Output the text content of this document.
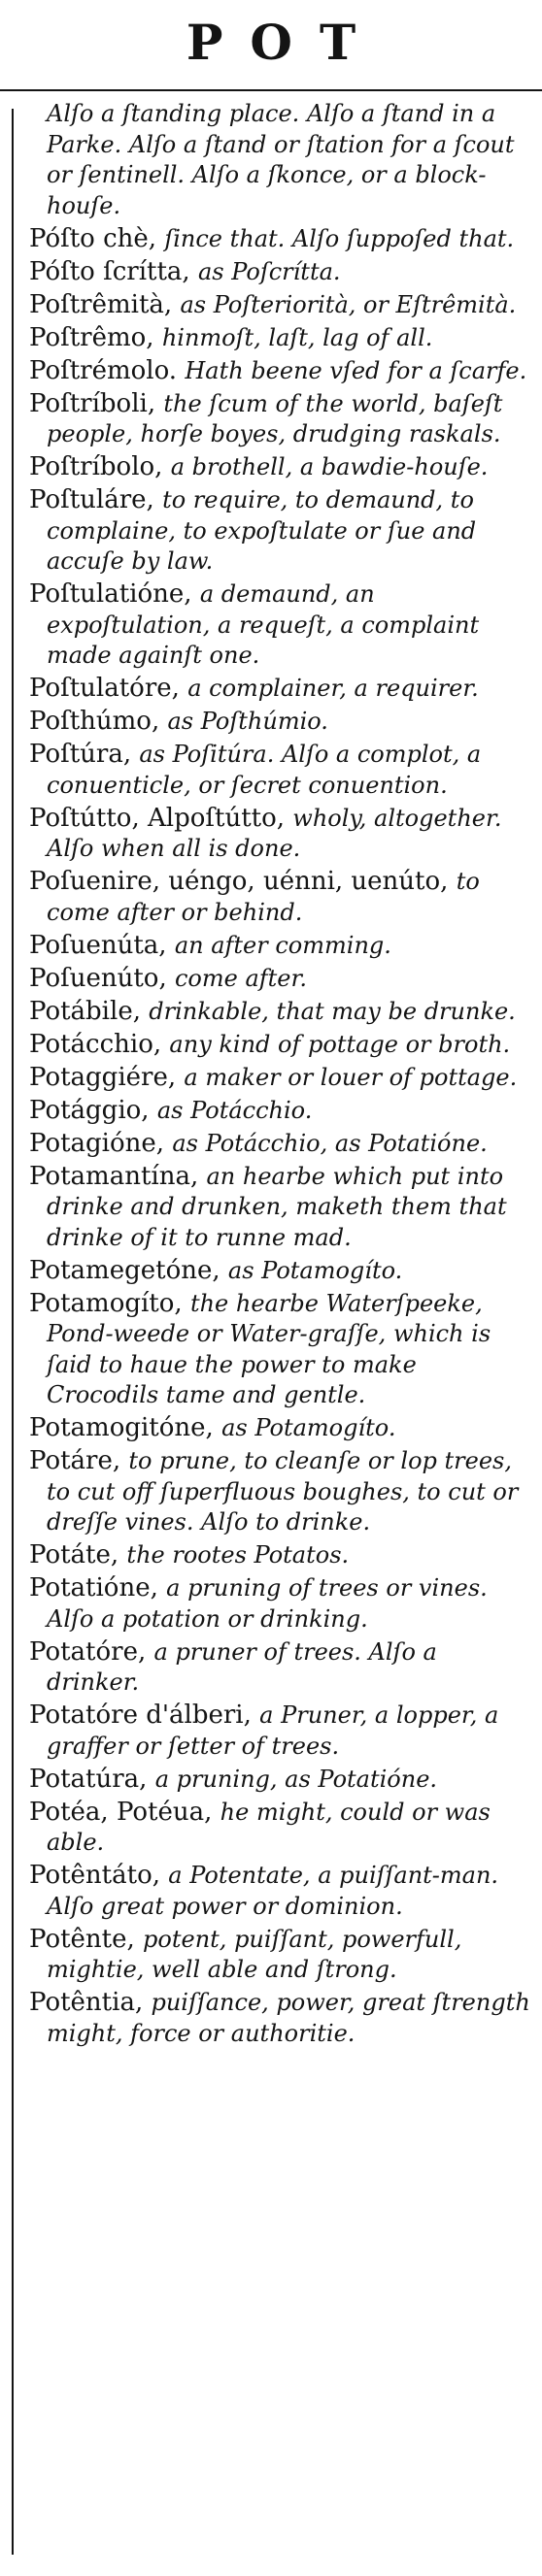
POT

Alſo a ſtanding place. Alſo a ſtand in a Parke. Alſo a ſtand or ſtation for a ſcout or ſentinell. Alſo a ſkonce, or a block-houſe.

Póſto chè, ſince that. Alſo ſuppoſed that.

Póſto ſcrítta, as Poſcrítta.

Poſtrêmità, as Poſteriorità, or Eſtrêmità.

Poſtrêmo, hinmoſt, laſt, lag of all.

Poſtrémolo. Hath beene vſed for a ſcarfe.

Poſtríboli, the ſcum of the world, baſeſt people, horſe boyes, drudging raskals.

Poſtríbolo, a brothell, a bawdie-houſe.

Poſtuláre, to require, to demaund, to complaine, to expoſtulate or ſue and accuſe by law.

Poſtulatióne, a demaund, an expoſtulation, a requeſt, a complaint made againſt one.

Poſtulatóre, a complainer, a requirer.

Poſthúmo, as Poſthúmio.

Poſtúra, as Poſitúra. Alſo a complot, a conuenticle, or ſecret conuention.

Poſtútto, Alpoſtútto, wholy, altogether. Alſo when all is done.

Poſuenire, uéngo, uénni, uenúto, to come after or behind.

Poſuenúta, an after comming.

Poſuenúto, come after.

Potábile, drinkable, that may be drunke.

Potácchio, any kind of pottage or broth.

Potaggiére, a maker or louer of pottage.

Potággio, as Potácchio.

Potagióne, as Potácchio, as Potatióne.

Potamantína, an hearbe which put into drinke and drunken, maketh them that drinke of it to runne mad.

Potamegetóne, as Potamogíto.

Potamogíto, the hearbe Waterſpeeke, Pond-weede or Water-graſſe, which is ſaid to haue the power to make Crocodils tame and gentle.

Potamogitóne, as Potamogíto.

Potáre, to prune, to cleanſe or lop trees, to cut off ſuperfluous boughes, to cut or dreſſe vines. Alſo to drinke.

Potáte, the rootes Potatos.

Potatióne, a pruning of trees or vines. Alſo a potation or drinking.

Potatóre, a pruner of trees. Alſo a drinker.

Potatóre d'álberi, a Pruner, a lopper, a graffer or ſetter of trees.

Potatúra, a pruning, as Potatióne.

Potéa, Potéua, he might, could or was able.

Potêntáto, a Potentate, a puiſſant-man. Alſo great power or dominion.

Potênte, potent, puiſſant, powerfull, mightie, well able and ſtrong.

Potêntia, puiſſance, power, great ſtrength might, force or authoritie.
